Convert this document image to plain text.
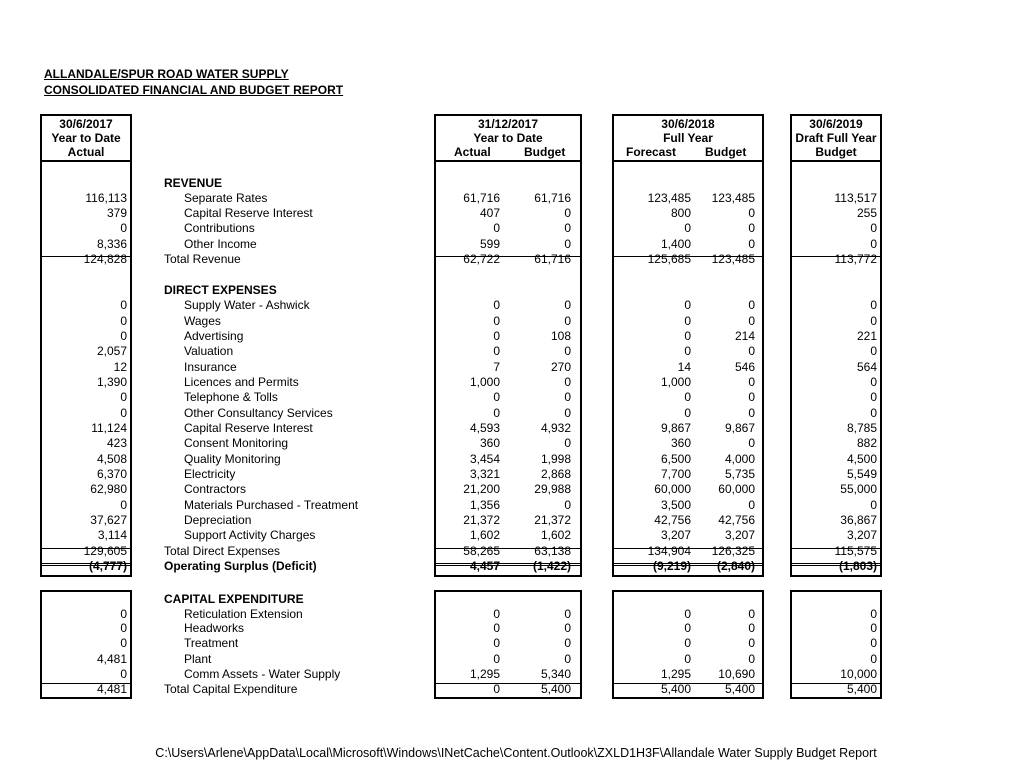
ALLANDALE/SPUR ROAD WATER SUPPLY
CONSOLIDATED FINANCIAL AND BUDGET REPORT
30/6/2017
Year to Date
Actual
31/12/2017
Year to Date
Actual	Budget
30/6/2018
Full Year
Forecast Budget
30/6/2019
Draft Full Year
Budget
REVENUE
116,113	Separate Rates	61,716	61,716	123,485 123,485	113,517
379	Capital Reserve Interest	407	0	800	0	255
0	Contributions	0	0	0	0	0
8,336	Other Income	599	0	1,400	0	0
124,828	Total Revenue	62,722	61,716	125,685 123,485	113,772
DIRECT EXPENSES
0	Supply Water - Ashwick	0	0	0	0	0
0	Wages	0	0	0	0	0
0	Advertising	0	108	0	214	221
2,057	Valuation	0	0	0	0	0
12	Insurance	7	270	14	546	564
1,390	Licences and Permits	1,000	0	1,000	0	0
0	Telephone & Tolls	0	0	0	0	0
0	Other Consultancy Services	0	0	0	0	0
11,124	Capital Reserve Interest	4,593	4,932	9,867	9,867	8,785
423	Consent Monitoring	360	0	360	0	882
4,508	Quality Monitoring	3,454	1,998	6,500	4,000	4,500
6,370	Electricity	3,321	2,868	7,700	5,735	5,549
62,980	Contractors	21,200	29,988	60,000 60,000	55,000
0	Materials Purchased - Treatment	1,356	0	3,500	0	0
37,627	Depreciation	21,372	21,372	42,756 42,756	36,867
3,114	Support Activity Charges	1,602	1,602	3,207	3,207	3,207
129,605	Total Direct Expenses	58,265	63,138	134,904 126,325	115,575
(4,777)	Operating Surplus (Deficit)	4,457	(1,422)	(9,219) (2,840)	(1,803)
CAPITAL EXPENDITURE
0	Reticulation Extension	0	0	0	0	0
0	Headworks	0	0	0	0	0
0	Treatment	0	0	0	0	0
4,481	Plant	0	0	0	0	0
0	Comm Assets - Water Supply	1,295	5,340	1,295 10,690	10,000
4,481	Total Capital Expenditure	0	5,400	5,400	5,400	5,400
C:\Users\Arlene\AppData\Local\Microsoft\Windows\INetCache\Content.Outlook\ZXLD1H3F\Allandale Water Supply Budget Report
